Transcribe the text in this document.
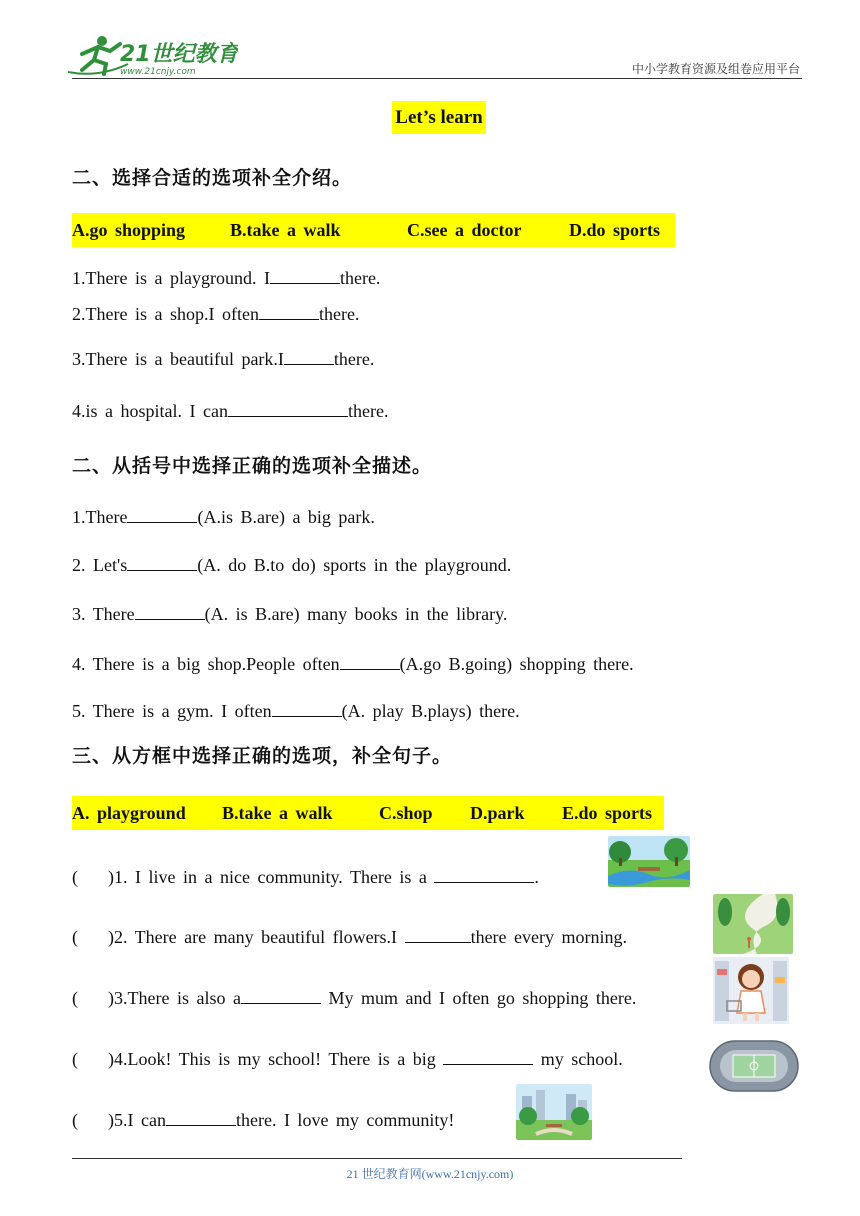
21世纪教育
www.21cnjy.com	中小学教育资源及组卷应用平台
Let’s learn
二、选择合适的选项补全介绍。
A.go shopping B.take a walk	C.see a doctor	D.do sports
1.There is a playground. I	there.
2.There is a shop.I often	there.
3.There is a beautiful park.I	there.
4.is a hospital. I can	there.
二、从括号中选择正确的选项补全描述。
1.There	(A.is B.are) a big park.
2. Let's	(A. do B.to do) sports in the playground.
3. There	(A. is B.are) many books in the library.
4. There is a big shop.People often	(A.go B.going) shopping there.
5. There is a gym. I often	(A. play B.plays) there.
三、从方框中选择正确的选项，补全句子。
A. playground B.take a walk	C.shop D.park E.do sports
( )1. I live in a nice community. There is a	.
( )2. There are many beautiful flowers.I	there every morning.
( )3.There is also a	My mum and I often go shopping there.
( )4.Look! This is my school! There is a big	my school.
( )5.I can	there. I love my community!
21 世纪教育网(www.21cnjy.com)
